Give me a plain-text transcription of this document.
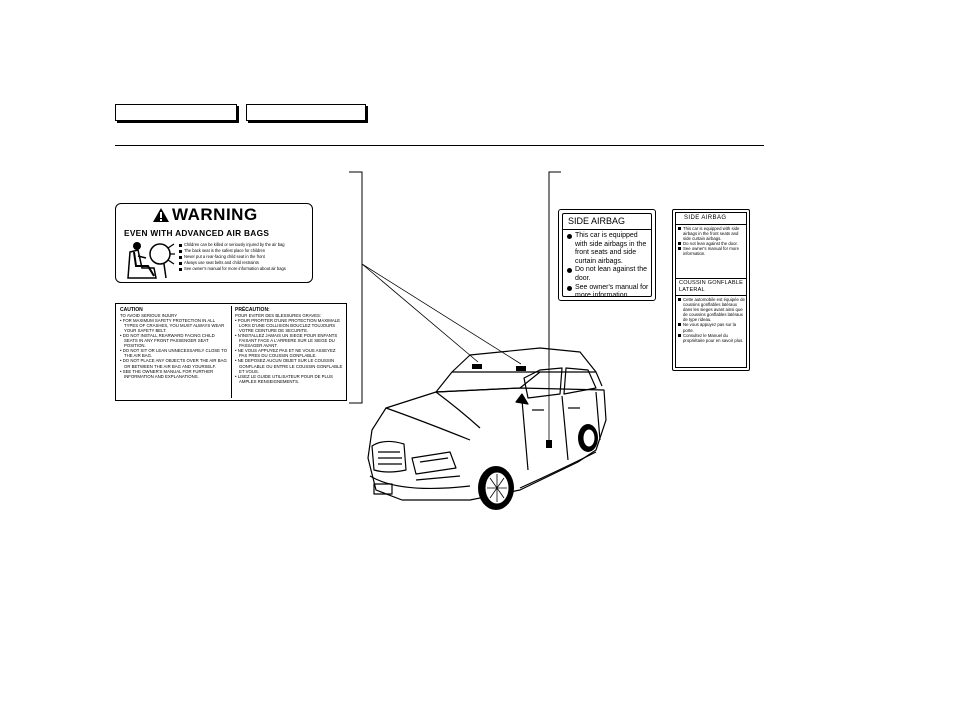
WARNING
EVEN WITH ADVANCED AIR BAGS
Children can be killed or seriously injured by the air bag
The back seat is the safest place for children
Never put a rear-facing child seat in the front
Always use seat belts and child restraints
See owner's manual for more information about air bags
CAUTION
TO AVOID SERIOUS INJURY
• FOR MAXIMUM SAFETY PROTECTION IN ALL TYPES OF CRASHES, YOU MUST ALWAYS WEAR YOUR SAFETY BELT.
• DO NOT INSTALL REARWARD FACING CHILD SEATS IN ANY FRONT PASSENGER SEAT POSITION.
• DO NOT SIT OR LEAN UNNECESSARILY CLOSE TO THE AIR BAG.
• DO NOT PLACE ANY OBJECTS OVER THE AIR BAG OR BETWEEN THE AIR BAG AND YOURSELF.
• SEE THE OWNER'S MANUAL FOR FURTHER INFORMATION AND EXPLANATIONS.
PRÉCAUTION:
POUR EVITER DES BLESSURES GRAVES:
• POUR PROFITER D'UNE PROTECTION MAXIMALE LORS D'UNE COLLISION BOUCLEZ TOUJOURS VOTRE CEINTURE DE SECURITE.
• N'INSTALLEZ JAMAIS UN SIEGE POUR ENFANTS FAISANT FACE A L'ARRIERE SUR LE SIEGE DU PASSAGER AVANT.
• NE VOUS APPUYEZ PAS ET NE VOUS ASSEYEZ PAS PRES DU COUSSIN GONFLABLE.
• NE DEPOSEZ AUCUN OBJET SUR LE COUSSIN GONFLABLE OU ENTRE LE COUSSIN GONFLABLE ET VOUS.
• LISEZ LE GUIDE UTILISATEUR POUR DE PLUS AMPLES RENSEIGNEMENTS.
SIDE AIRBAG
This car is equipped with side airbags in the front seats and side curtain airbags.
Do not lean against the door.
See owner's manual for more information.
SIDE AIRBAG
This car is equipped with side airbags in the front seats and side curtain airbags.
Do not lean against the door.
See owner's manual for more information.
COUSSIN GONFLABLE LATERAL
Cette automobile est équipée de coussins gonflables latéraux dans les sieges avant ainsi que de coussins gonflables latéraux de type rideau.
Ne vous appuyez pas sur la porte.
Consultez le Manuel du propriétaire pour en savoir plus.
